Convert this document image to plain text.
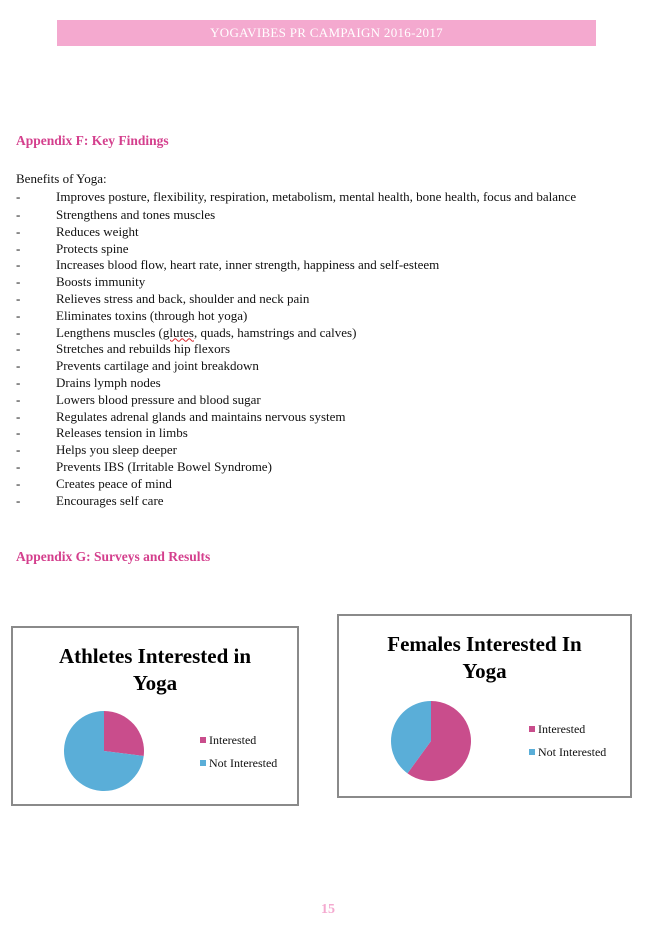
YOGAVIBES PR CAMPAIGN 2016-2017
Appendix F: Key Findings
Benefits of Yoga:
-	Improves posture, flexibility, respiration, metabolism, mental health, bone health, focus and balance
-	Strengthens and tones muscles
-	Reduces weight
-	Protects spine
-	Increases blood flow, heart rate, inner strength, happiness and self-esteem
-	Boosts immunity
-	Relieves stress and back, shoulder and neck pain
-	Eliminates toxins (through hot yoga)
-	Lengthens muscles (glutes, quads, hamstrings and calves)
-	Stretches and rebuilds hip flexors
-	Prevents cartilage and joint breakdown
-	Drains lymph nodes
-	Lowers blood pressure and blood sugar
-	Regulates adrenal glands and maintains nervous system
-	Releases tension in limbs
-	Helps you sleep deeper
-	Prevents IBS (Irritable Bowel Syndrome)
-	Creates peace of mind
-	Encourages self care
Appendix G: Surveys and Results
Athletes Interested in
Yoga
Interested
Not Interested
Females Interested In
Yoga
Interested
Not Interested
15
